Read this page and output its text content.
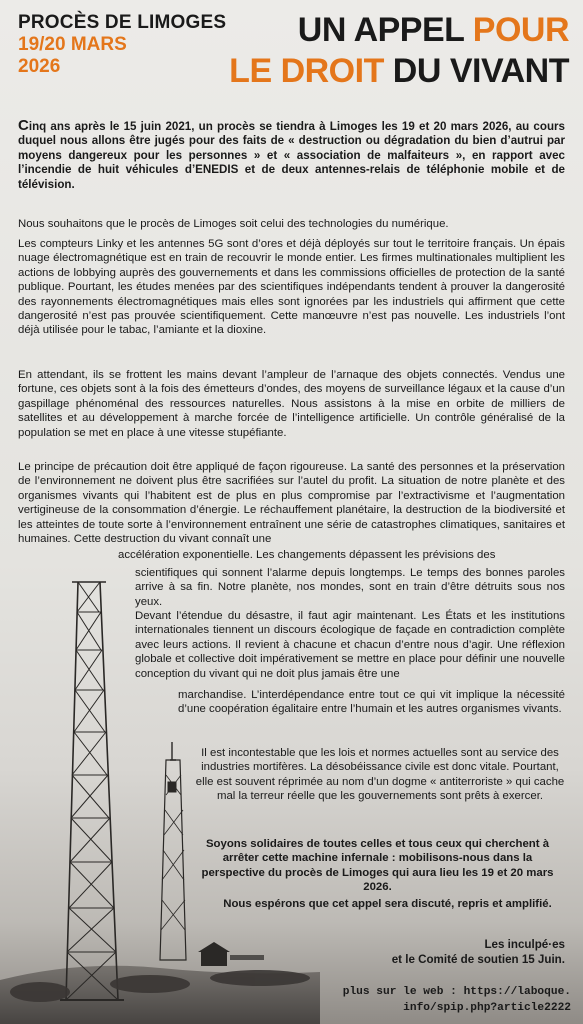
PROCÈS DE LIMOGES
19/20 MARS
2026
UN APPEL POUR
LE DROIT DU VIVANT

Cinq ans après le 15 juin 2021, un procès se tiendra à Limoges les 19 et 20 mars 2026, au cours duquel nous allons être jugés pour des faits de « destruction ou dégradation du bien d’autrui par moyens dangereux pour les personnes » et « association de malfaiteurs », en rapport avec l’incendie de huit véhicules d’ENEDIS et de deux antennes-relais de téléphonie mobile et de télévision.

Nous souhaitons que le procès de Limoges soit celui des technologies du numérique.

Les compteurs Linky et les antennes 5G sont d’ores et déjà déployés sur tout le territoire français. Un épais nuage électromagnétique est en train de recouvrir le monde entier. Les firmes multinationales multiplient les actions de lobbying auprès des gouvernements et dans les commissions officielles de protection de la santé publique. Pourtant, les études menées par des scientifiques indépendants tendent à prouver la dangerosité des rayonnements électromagnétiques mais elles sont ignorées par les industriels qui affirment que cette dangerosité n’est pas prouvée scientifiquement. Cette manœuvre n’est pas nouvelle. Les industriels l’ont déjà utilisée pour le tabac, l’amiante et la dioxine.

En attendant, ils se frottent les mains devant l’ampleur de l’arnaque des objets connectés. Vendus une fortune, ces objets sont à la fois des émetteurs d’ondes, des moyens de surveillance légaux et la cause d’un gaspillage phénoménal des ressources naturelles. Nous assistons à la mise en orbite de milliers de satellites et au développement à marche forcée de l’intelligence artificielle. Un contrôle généralisé de la population se met en place à une vitesse stupéfiante.

Le principe de précaution doit être appliqué de façon rigoureuse. La santé des personnes et la préservation de l’environnement ne doivent plus être sacrifiées sur l’autel du profit. La situation de notre planète et des organismes vivants qui l’habitent est de plus en plus compromise par l’extractivisme et l’augmentation vertigineuse de la consommation d’énergie. Le réchauffement planétaire, la destruction de la biodiversité et les atteintes de toute sorte à l’environnement entraînent une série de catastrophes climatiques, sanitaires et humaines. Cette destruction du vivant connaît une

accélération exponentielle. Les changements dépassent les prévisions des

scientifiques qui sonnent l’alarme depuis longtemps. Le temps des bonnes paroles arrive à sa fin. Notre planète, nos mondes, sont en train d’être détruits sous nos yeux.

Devant l’étendue du désastre, il faut agir maintenant. Les États et les institutions internationales tiennent un discours écologique de façade en contradiction complète avec leurs actions. Il revient à chacune et chacun d’entre nous d’agir. Une réflexion globale et collective doit impérativement se mettre en place pour définir une nouvelle conception du vivant qui ne doit plus jamais être une

marchandise. L’interdépendance entre tout ce qui vit implique la nécessité d’une coopération égalitaire entre l’humain et les autres organismes vivants.

Il est incontestable que les lois et normes actuelles sont au service des industries mortifères. La désobéissance civile est donc vitale. Pourtant, elle est souvent réprimée au nom d’un dogme « antiterroriste » qui cache mal la terreur réelle que les gouvernements sont prêts à exercer.

Soyons solidaires de toutes celles et tous ceux qui cherchent à arrêter cette machine infernale : mobilisons-nous dans la perspective du procès de Limoges qui aura lieu les 19 et 20 mars 2026.

Nous espérons que cet appel sera discuté, repris et amplifié.

Les inculpé·es
et le Comité de soutien 15 Juin.
plus sur le web : https://laboque.
info/spip.php?article2222
